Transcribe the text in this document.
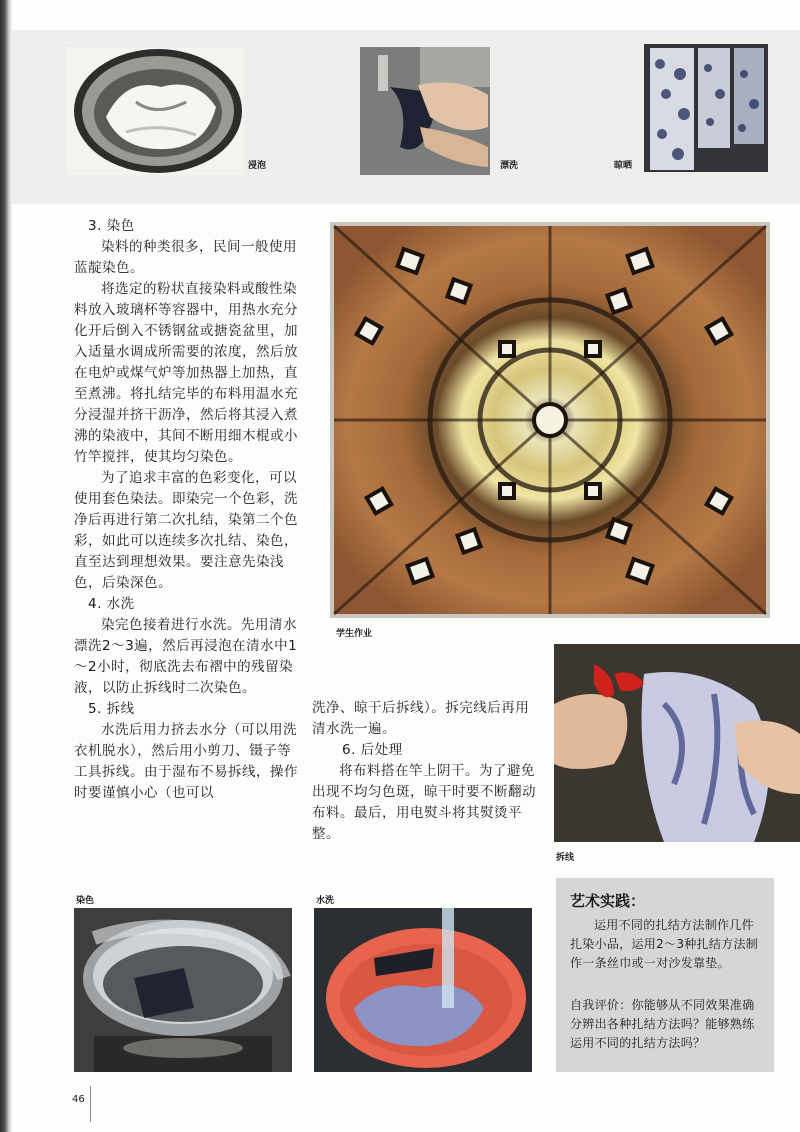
浸泡	漂洗	晾晒

3. 染色

染料的种类很多，民间一般使用蓝靛染色。

将选定的粉状直接染料或酸性染料放入玻璃杯等容器中，用热水充分化开后倒入不锈钢盆或搪瓷盆里，加入适量水调成所需要的浓度，然后放在电炉或煤气炉等加热器上加热，直至煮沸。将扎结完毕的布料用温水充分浸湿并挤干沥净，然后将其浸入煮沸的染液中，其间不断用细木棍或小竹竿搅拌，使其均匀染色。

为了追求丰富的色彩变化，可以使用套色染法。即染完一个色彩，洗净后再进行第二次扎结，染第二个色彩，如此可以连续多次扎结、染色，直至达到理想效果。要注意先染浅色，后染深色。

4. 水洗

染完色接着进行水洗。先用清水漂洗2～3遍，然后再浸泡在清水中1～2小时，彻底洗去布褶中的残留染液，以防止拆线时二次染色。

5. 拆线

水洗后用力挤去水分（可以用洗衣机脱水），然后用小剪刀、镊子等工具拆线。由于湿布不易拆线，操作时要谨慎小心（也可以

洗净、晾干后拆线）。拆完线后再用清水洗一遍。

6. 后处理

将布料搭在竿上阴干。为了避免出现不均匀色斑，晾干时要不断翻动布料。最后，用电熨斗将其熨烫平整。

学生作业
拆线
染色	水洗	艺术实践：
运用不同的扎结方法制作几件扎染小品，运用2～3种扎结方法制作一条丝巾或一对沙发靠垫。
自我评价：你能够从不同效果准确分辨出各种扎结方法吗？能够熟练运用不同的扎结方法吗？
46
